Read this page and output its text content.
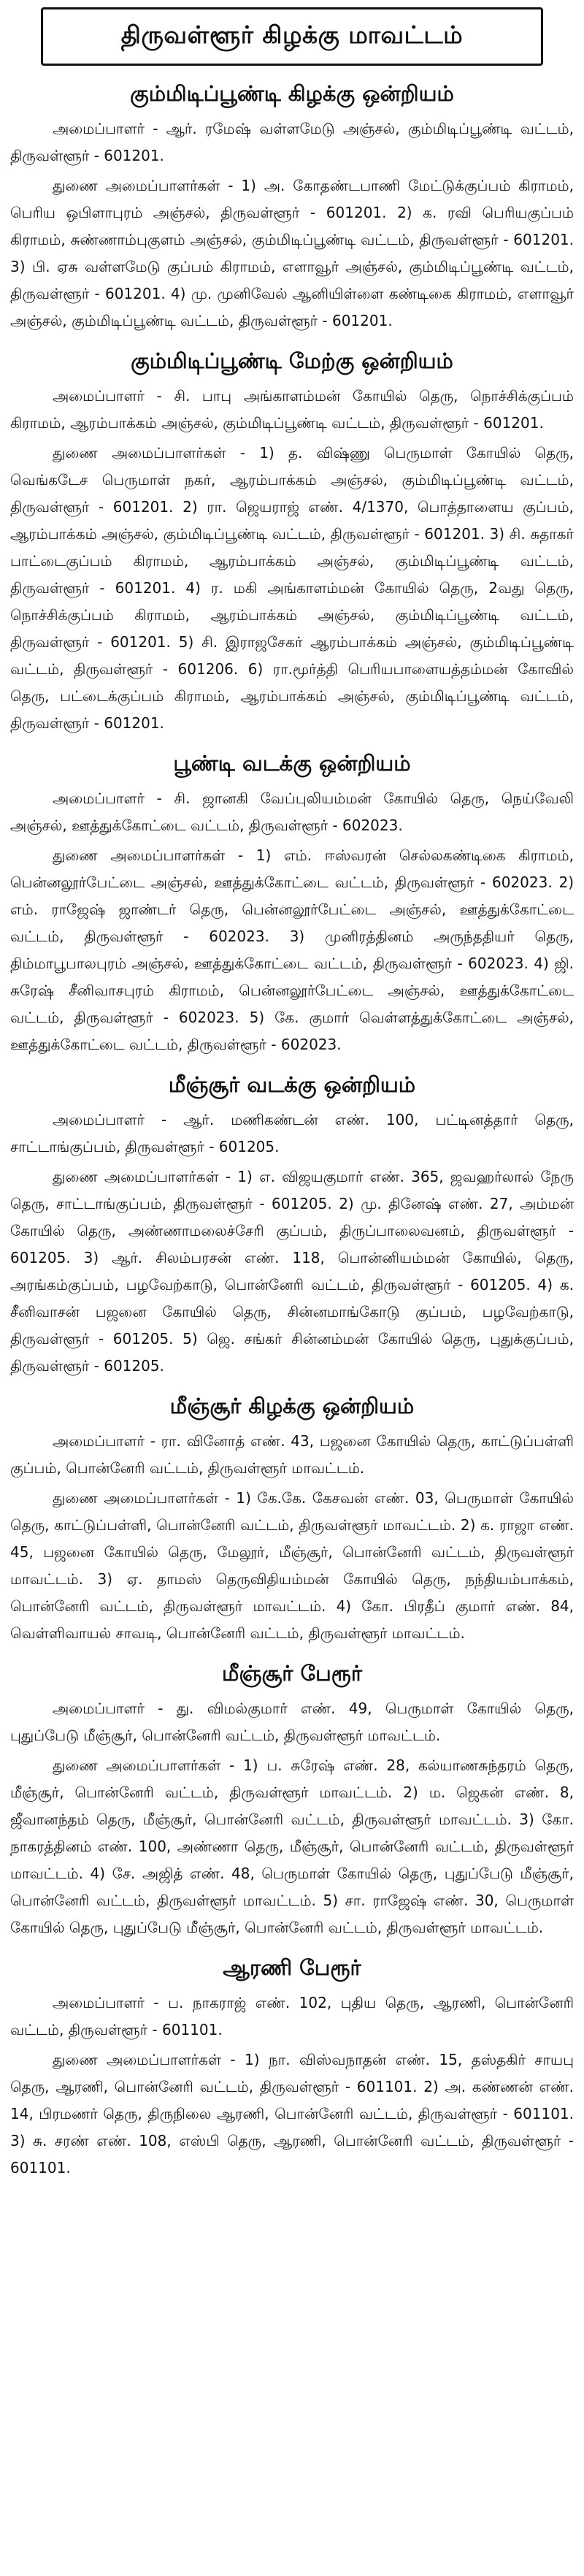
திருவள்ளூர் கிழக்கு மாவட்டம்
கும்மிடிப்பூண்டி கிழக்கு ஒன்றியம்

அமைப்பாளர் - ஆர். ரமேஷ் வள்ளமேடு அஞ்சல், கும்மிடிப்பூண்டி வட்டம், திருவள்ளூர் - 601201.

துணை அமைப்பாளர்கள் - 1) அ. கோதண்டபாணி மேட்டுக்குப்பம் கிராமம், பெரிய ஒபிளாபுரம் அஞ்சல், திருவள்ளூர் - 601201. 2) க. ரவி பெரியகுப்பம் கிராமம், சுண்ணாம்புகுளம் அஞ்சல், கும்மிடிப்பூண்டி வட்டம், திருவள்ளூர் - 601201. 3) பி. ஏசு வள்ளமேடு குப்பம் கிராமம், எளாவூர் அஞ்சல், கும்மிடிப்பூண்டி வட்டம், திருவள்ளூர் - 601201. 4) மு. முனிவேல் ஆனியிள்ளை கண்டிகை கிராமம், எளாவூர் அஞ்சல், கும்மிடிப்பூண்டி வட்டம், திருவள்ளூர் - 601201.

கும்மிடிப்பூண்டி மேற்கு ஒன்றியம்

அமைப்பாளர் - சி. பாபு அங்காளம்மன் கோயில் தெரு, நொச்சிக்குப்பம் கிராமம், ஆரம்பாக்கம் அஞ்சல், கும்மிடிப்பூண்டி வட்டம், திருவள்ளூர் - 601201.

துணை அமைப்பாளர்கள் - 1) த. விஷ்ணு பெருமாள் கோயில் தெரு, வெங்கடேச பெருமாள் நகர், ஆரம்பாக்கம் அஞ்சல், கும்மிடிப்பூண்டி வட்டம், திருவள்ளூர் - 601201. 2) ரா. ஜெயராஜ் எண். 4/1370, பொத்தாளைய குப்பம், ஆரம்பாக்கம் அஞ்சல், கும்மிடிப்பூண்டி வட்டம், திருவள்ளூர் - 601201. 3) சி. சுதாகர் பாட்டைகுப்பம் கிராமம், ஆரம்பாக்கம் அஞ்சல், கும்மிடிப்பூண்டி வட்டம், திருவள்ளூர் - 601201. 4) ர. மகி அங்காளம்மன் கோயில் தெரு, 2வது தெரு, நொச்சிக்குப்பம் கிராமம், ஆரம்பாக்கம் அஞ்சல், கும்மிடிப்பூண்டி வட்டம், திருவள்ளூர் - 601201. 5) சி. இராஜசேகர் ஆரம்பாக்கம் அஞ்சல், கும்மிடிப்பூண்டி வட்டம், திருவள்ளூர் - 601206. 6) ரா.மூர்த்தி பெரியபாளையத்தம்மன் கோவில் தெரு, பட்டைக்குப்பம் கிராமம், ஆரம்பாக்கம் அஞ்சல், கும்மிடிப்பூண்டி வட்டம், திருவள்ளூர் - 601201.

பூண்டி வடக்கு ஒன்றியம்

அமைப்பாளர் - சி. ஜானகி வேப்புலியம்மன் கோயில் தெரு, நெய்வேலி அஞ்சல், ஊத்துக்கோட்டை வட்டம், திருவள்ளூர் - 602023.

துணை அமைப்பாளர்கள் - 1) எம். ஈஸ்வரன் செல்லகண்டிகை கிராமம், பென்னலூர்பேட்டை அஞ்சல், ஊத்துக்கோட்டை வட்டம், திருவள்ளூர் - 602023. 2) எம். ராஜேஷ் ஜாண்டர் தெரு, பென்னலூர்பேட்டை அஞ்சல், ஊத்துக்கோட்டை வட்டம், திருவள்ளூர் - 602023. 3) முனிரத்தினம் அருந்ததியர் தெரு, திம்மாபூபாலபுரம் அஞ்சல், ஊத்துக்கோட்டை வட்டம், திருவள்ளூர் - 602023. 4) ஜி. சுரேஷ் சீனிவாசபுரம் கிராமம், பென்னலூர்பேட்டை அஞ்சல், ஊத்துக்கோட்டை வட்டம், திருவள்ளூர் - 602023. 5) கே. குமார் வெள்ளத்துக்கோட்டை அஞ்சல், ஊத்துக்கோட்டை வட்டம், திருவள்ளூர் - 602023.

மீஞ்சூர் வடக்கு ஒன்றியம்

அமைப்பாளர் - ஆர். மணிகண்டன் எண். 100, பட்டினத்தார் தெரு, சாட்டாங்குப்பம், திருவள்ளூர் - 601205.

துணை அமைப்பாளர்கள் - 1) எ. விஜயகுமார் எண். 365, ஜவஹர்லால் நேரு தெரு, சாட்டாங்குப்பம், திருவள்ளூர் - 601205. 2) மு. தினேஷ் எண். 27, அம்மன் கோயில் தெரு, அண்ணாமலைச்சேரி குப்பம், திருப்பாலைவனம், திருவள்ளூர் - 601205. 3) ஆர். சிலம்பரசன் எண். 118, பொன்னியம்மன் கோயில், தெரு, அரங்கம்குப்பம், பழவேற்காடு, பொன்னேரி வட்டம், திருவள்ளூர் - 601205. 4) க. சீனிவாசன் பஜனை கோயில் தெரு, சின்னமாங்கோடு குப்பம், பழவேற்காடு, திருவள்ளூர் - 601205. 5) ஜெ. சங்கர் சின்னம்மன் கோயில் தெரு, புதுக்குப்பம், திருவள்ளூர் - 601205.

மீஞ்சூர் கிழக்கு ஒன்றியம்

அமைப்பாளர் - ரா. வினோத் எண். 43, பஜனை கோயில் தெரு, காட்டுப்பள்ளி குப்பம், பொன்னேரி வட்டம், திருவள்ளூர் மாவட்டம்.

துணை அமைப்பாளர்கள் - 1) கே.கே. கேசவன் எண். 03, பெருமாள் கோயில் தெரு, காட்டுப்பள்ளி, பொன்னேரி வட்டம், திருவள்ளூர் மாவட்டம். 2) க. ராஜா எண். 45, பஜனை கோயில் தெரு, மேலூர், மீஞ்சூர், பொன்னேரி வட்டம், திருவள்ளூர் மாவட்டம். 3) ஏ. தாமஸ் தெருவிதியம்மன் கோயில் தெரு, நந்தியம்பாக்கம், பொன்னேரி வட்டம், திருவள்ளூர் மாவட்டம். 4) கோ. பிரதீப் குமார் எண். 84, வெள்ளிவாயல் சாவடி, பொன்னேரி வட்டம், திருவள்ளூர் மாவட்டம்.

மீஞ்சூர் பேரூர்

அமைப்பாளர் - து. விமல்குமார் எண். 49, பெருமாள் கோயில் தெரு, புதுப்பேடு மீஞ்சூர், பொன்னேரி வட்டம், திருவள்ளூர் மாவட்டம்.

துணை அமைப்பாளர்கள் - 1) ப. சுரேஷ் எண். 28, கல்யாணசுந்தரம் தெரு, மீஞ்சூர், பொன்னேரி வட்டம், திருவள்ளூர் மாவட்டம். 2) ம. ஜெகன் எண். 8, ஜீவானந்தம் தெரு, மீஞ்சூர், பொன்னேரி வட்டம், திருவள்ளூர் மாவட்டம். 3) கோ. நாகரத்தினம் எண். 100, அண்ணா தெரு, மீஞ்சூர், பொன்னேரி வட்டம், திருவள்ளூர் மாவட்டம். 4) சே. அஜித் எண். 48, பெருமாள் கோயில் தெரு, புதுப்பேடு மீஞ்சூர், பொன்னேரி வட்டம், திருவள்ளூர் மாவட்டம். 5) சா. ராஜேஷ் எண். 30, பெருமாள் கோயில் தெரு, புதுப்பேடு மீஞ்சூர், பொன்னேரி வட்டம், திருவள்ளூர் மாவட்டம்.

ஆரணி பேரூர்

அமைப்பாளர் - ப. நாகராஜ் எண். 102, புதிய தெரு, ஆரணி, பொன்னேரி வட்டம், திருவள்ளூர் - 601101.

துணை அமைப்பாளர்கள் - 1) நா. விஸ்வநாதன் எண். 15, தஸ்தகிர் சாயபு தெரு, ஆரணி, பொன்னேரி வட்டம், திருவள்ளூர் - 601101. 2) அ. கண்ணன் எண். 14, பிரமணர் தெரு, திருநிலை ஆரணி, பொன்னேரி வட்டம், திருவள்ளூர் - 601101. 3) சு. சரண் எண். 108, எஸ்பி தெரு, ஆரணி, பொன்னேரி வட்டம், திருவள்ளூர் - 601101.
